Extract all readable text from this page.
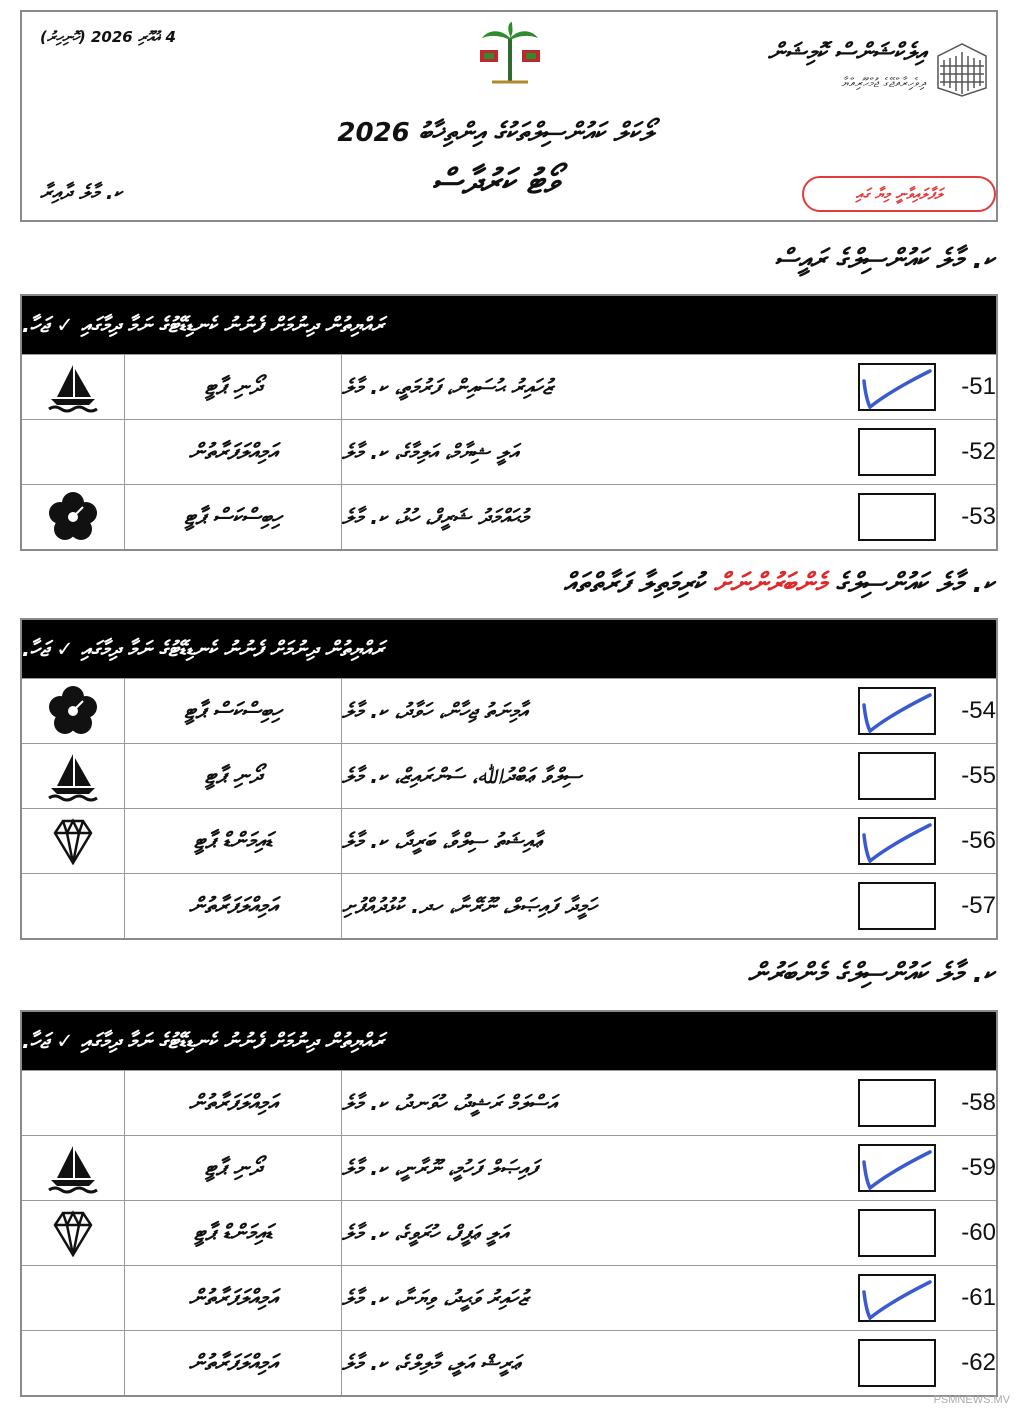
4 ޣުއޫރި 2026 (ހޮނިހިރު)
އިލެކްޝަންސް ކޮމިޝަން
ދިވެހިރާއްޖޭގެ ޖުމްހޫރިއްޔާ
ލޯކަލް ކައުންސިލްތަކުގެ އިންތިޚާބު 2026
ވޯޓު ކަރުދާސް
ކ. މާލެ ދާއިރާ	ލަފާލައިވާނީ މިޔާ ގައި
ކ. މާލެ ކައުންސިލްގެ ރައީސް
ރައްޔިތުން ދިނުމަށް ފެނުނު ކެނޑިޑޭޓުގެ ނަމާ ދިމާގައި ✓ ޖަހާ.
ދޯނި ޕާޓީ	ޒުހައިރު ޙުސައިން، ފަރުމަތީ، ކ. މާލެ	51-
އަމިއްލަފަރާތުން	އަލީ ޝިޔާމް، އަލިމާގެ، ކ. މާލެ	52-
ހިބިސްކަސް ޕާޓީ	މުޙައްމަދު ޝަރީފް، ހުޅު، ކ. މާލެ	53-
ކ. މާލެ ކައުންސިލްގެ މެންބަރުންނަށް ކުރިމަތިލާ ފަރާތްތައް
ރައްޔިތުން ދިނުމަށް ފެނުނު ކެނޑިޑޭޓުގެ ނަމާ ދިމާގައި ✓ ޖަހާ.
ހިބިސްކަސް ޕާޓީ	އާމިނަތު ޖިހާން، ހަވާދު، ކ. މާލެ	54-
ދޯނި ޕާޓީ	ސިލްވާ ޢަބްދުﷲ، ސަންރައިޒް، ކ. މާލެ	55-
ޑައިމަންޑް ޕާޓީ	ޢާއިޝަތު ސިލްވާ، ބަރީދާ، ކ. މާލެ	56-
އަމިއްލަފަރާތުން	ހަމީދާ ފައިޞަލް، ނޫރޭނާ، ހދ. ކުޅުދުއްފުށި	57-
ކ. މާލެ ކައުންސިލްގެ މެންބަރުން
ރައްޔިތުން ދިނުމަށް ފެނުނު ކެނޑިޑޭޓުގެ ނަމާ ދިމާގައި ✓ ޖަހާ.
އަމިއްލަފަރާތުން	އަސްލަމް ރަޝީދު، ހުވަނދު، ކ. މާލެ	58-
ދޯނި ޕާޓީ	ފައިޞަލް ފަހުމީ، ނޫރާނީ، ކ. މާލެ	59-
ޑައިމަންޑް ޕާޓީ	އަލީ ޢަފީފް، ހުރަވީގެ، ކ. މާލެ	60-
އަމިއްލަފަރާތުން	ޒުހައިރު ވަޙީދު، ވިޔަނާ، ކ. މާލެ	61-
އަމިއްލަފަރާތުން	ޢަރީޝް އަލީ، މާލިލްގެ، ކ. މާލެ	62-
PSMNEWS.MV
